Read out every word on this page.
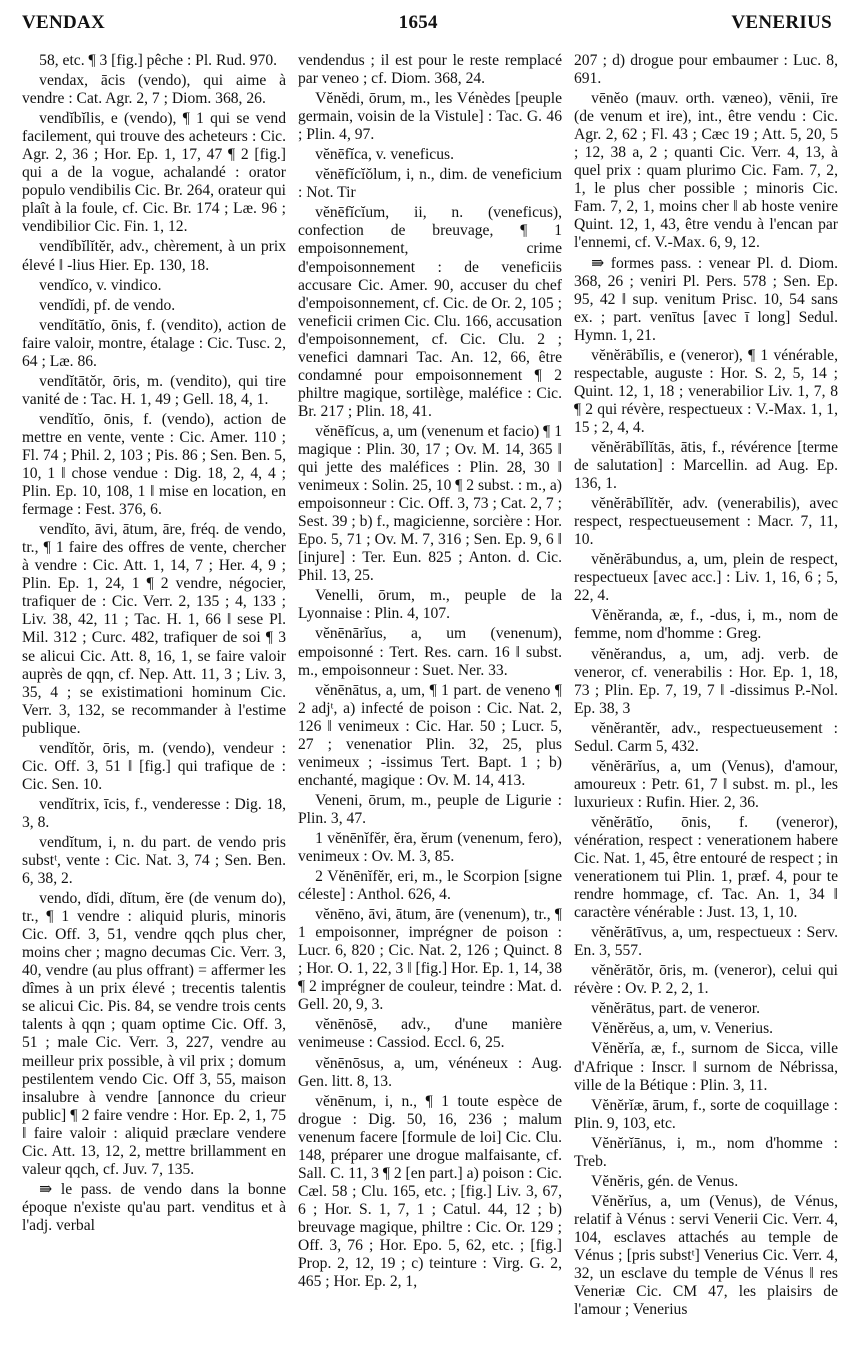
VENDAX	1654	VENERIUS

58, etc. ¶ 3 [fig.] pêche : Pl. Rud. 970.

vendax, ācis (vendo), qui aime à vendre : Cat. Agr. 2, 7 ; Diom. 368, 26.

vendĭbĭlis, e (vendo), ¶ 1 qui se vend facilement, qui trouve des acheteurs : Cic. Agr. 2, 36 ; Hor. Ep. 1, 17, 47 ¶ 2 [fig.] qui a de la vogue, achalandé : orator populo vendibilis Cic. Br. 264, orateur qui plaît à la foule, cf. Cic. Br. 174 ; Læ. 96 ; vendibilior Cic. Fin. 1, 12.

vendĭbĭlĭtĕr, adv., chèrement, à un prix élevé ǁ -lius Hier. Ep. 130, 18.

vendĭco, v. vindico.

vendĭdi, pf. de vendo.

vendĭtātĭo, ōnis, f. (vendito), action de faire valoir, montre, étalage : Cic. Tusc. 2, 64 ; Læ. 86.

vendĭtātŏr, ōris, m. (vendito), qui tire vanité de : Tac. H. 1, 49 ; Gell. 18, 4, 1.

vendĭtĭo, ōnis, f. (vendo), action de mettre en vente, vente : Cic. Amer. 110 ; Fl. 74 ; Phil. 2, 103 ; Pis. 86 ; Sen. Ben. 5, 10, 1 ǁ chose vendue : Dig. 18, 2, 4, 4 ; Plin. Ep. 10, 108, 1 ǁ mise en location, en fermage : Fest. 376, 6.

vendĭto, āvi, ātum, āre, fréq. de vendo, tr., ¶ 1 faire des offres de vente, chercher à vendre : Cic. Att. 1, 14, 7 ; Her. 4, 9 ; Plin. Ep. 1, 24, 1 ¶ 2 vendre, négocier, trafiquer de : Cic. Verr. 2, 135 ; 4, 133 ; Liv. 38, 42, 11 ; Tac. H. 1, 66 ǁ sese Pl. Mil. 312 ; Curc. 482, trafiquer de soi ¶ 3 se alicui Cic. Att. 8, 16, 1, se faire valoir auprès de qqn, cf. Nep. Att. 11, 3 ; Liv. 3, 35, 4 ; se existimationi hominum Cic. Verr. 3, 132, se recommander à l'estime publique.

vendĭtŏr, ōris, m. (vendo), vendeur : Cic. Off. 3, 51 ǁ [fig.] qui trafique de : Cic. Sen. 10.

vendĭtrix, īcis, f., venderesse : Dig. 18, 3, 8.

vendĭtum, i, n. du part. de vendo pris substᵗ, vente : Cic. Nat. 3, 74 ; Sen. Ben. 6, 38, 2.

vendo, dĭdi, dĭtum, ĕre (de venum do), tr., ¶ 1 vendre : aliquid pluris, minoris Cic. Off. 3, 51, vendre qqch plus cher, moins cher ; magno decumas Cic. Verr. 3, 40, vendre (au plus offrant) = affermer les dîmes à un prix élevé ; trecentis talentis se alicui Cic. Pis. 84, se vendre trois cents talents à qqn ; quam optime Cic. Off. 3, 51 ; male Cic. Verr. 3, 227, vendre au meilleur prix possible, à vil prix ; domum pestilentem vendo Cic. Off 3, 55, maison insalubre à vendre [annonce du crieur public] ¶ 2 faire vendre : Hor. Ep. 2, 1, 75 ǁ faire valoir : aliquid præclare vendere Cic. Att. 13, 12, 2, mettre brillamment en valeur qqch, cf. Juv. 7, 135.

⇛ le pass. de vendo dans la bonne époque n'existe qu'au part. venditus et à l'adj. verbal

vendendus ; il est pour le reste remplacé par veneo ; cf. Diom. 368, 24.

Vĕnĕdi, ōrum, m., les Vénèdes [peuple germain, voisin de la Vistule] : Tac. G. 46 ; Plin. 4, 97.

vĕnēfĭca, v. veneficus.

vĕnēfĭcĭŏlum, i, n., dim. de veneficium : Not. Tir

vĕnēfĭcĭum, ii, n. (veneficus), confection de breuvage, ¶ 1 empoisonnement, crime d'empoisonnement : de veneficiis accusare Cic. Amer. 90, accuser du chef d'empoisonnement, cf. Cic. de Or. 2, 105 ; veneficii crimen Cic. Clu. 166, accusation d'empoisonnement, cf. Cic. Clu. 2 ; venefici damnari Tac. An. 12, 66, être condamné pour empoisonnement ¶ 2 philtre magique, sortilège, maléfice : Cic. Br. 217 ; Plin. 18, 41.

vĕnēfĭcus, a, um (venenum et facio) ¶ 1 magique : Plin. 30, 17 ; Ov. M. 14, 365 ǁ qui jette des maléfices : Plin. 28, 30 ǁ venimeux : Solin. 25, 10 ¶ 2 subst. : m., a) empoisonneur : Cic. Off. 3, 73 ; Cat. 2, 7 ; Sest. 39 ; b) f., magicienne, sorcière : Hor. Epo. 5, 71 ; Ov. M. 7, 316 ; Sen. Ep. 9, 6 ǁ [injure] : Ter. Eun. 825 ; Anton. d. Cic. Phil. 13, 25.

Venelli, ōrum, m., peuple de la Lyonnaise : Plin. 4, 107.

vĕnēnārĭus, a, um (venenum), empoisonné : Tert. Res. carn. 16 ǁ subst. m., empoisonneur : Suet. Ner. 33.

vĕnēnātus, a, um, ¶ 1 part. de veneno ¶ 2 adjᵗ, a) infecté de poison : Cic. Nat. 2, 126 ǁ venimeux : Cic. Har. 50 ; Lucr. 5, 27 ; venenatior Plin. 32, 25, plus venimeux ; -issimus Tert. Bapt. 1 ; b) enchanté, magique : Ov. M. 14, 413.

Veneni, ōrum, m., peuple de Ligurie : Plin. 3, 47.

1 vĕnēnĭfĕr, ĕra, ĕrum (venenum, fero), venimeux : Ov. M. 3, 85.

2 Vĕnēnĭfĕr, eri, m., le Scorpion [signe céleste] : Anthol. 626, 4.

vĕnēno, āvi, ātum, āre (venenum), tr., ¶ 1 empoisonner, imprégner de poison : Lucr. 6, 820 ; Cic. Nat. 2, 126 ; Quinct. 8 ; Hor. O. 1, 22, 3 ǁ [fig.] Hor. Ep. 1, 14, 38 ¶ 2 imprégner de couleur, teindre : Mat. d. Gell. 20, 9, 3.

vĕnēnōsē, adv., d'une manière venimeuse : Cassiod. Eccl. 6, 25.

vĕnēnōsus, a, um, vénéneux : Aug. Gen. litt. 8, 13.

vĕnēnum, i, n., ¶ 1 toute espèce de drogue : Dig. 50, 16, 236 ; malum venenum facere [formule de loi] Cic. Clu. 148, préparer une drogue malfaisante, cf. Sall. C. 11, 3 ¶ 2 [en part.] a) poison : Cic. Cæl. 58 ; Clu. 165, etc. ; [fig.] Liv. 3, 67, 6 ; Hor. S. 1, 7, 1 ; Catul. 44, 12 ; b) breuvage magique, philtre : Cic. Or. 129 ; Off. 3, 76 ; Hor. Epo. 5, 62, etc. ; [fig.] Prop. 2, 12, 19 ; c) teinture : Virg. G. 2, 465 ; Hor. Ep. 2, 1,

207 ; d) drogue pour embaumer : Luc. 8, 691.

vēnĕo (mauv. orth. væneo), vēnii, īre (de venum et ire), int., être vendu : Cic. Agr. 2, 62 ; Fl. 43 ; Cæc 19 ; Att. 5, 20, 5 ; 12, 38 a, 2 ; quanti Cic. Verr. 4, 13, à quel prix : quam plurimo Cic. Fam. 7, 2, 1, le plus cher possible ; minoris Cic. Fam. 7, 2, 1, moins cher ǁ ab hoste venire Quint. 12, 1, 43, être vendu à l'encan par l'ennemi, cf. V.-Max. 6, 9, 12.

⇛ formes pass. : venear Pl. d. Diom. 368, 26 ; veniri Pl. Pers. 578 ; Sen. Ep. 95, 42 ǁ sup. venitum Prisc. 10, 54 sans ex. ; part. venītus [avec ī long] Sedul. Hymn. 1, 21.

vĕnĕrābĭlis, e (veneror), ¶ 1 vénérable, respectable, auguste : Hor. S. 2, 5, 14 ; Quint. 12, 1, 18 ; venerabilior Liv. 1, 7, 8 ¶ 2 qui révère, respectueux : V.-Max. 1, 1, 15 ; 2, 4, 4.

vĕnĕrābĭlĭtās, ātis, f., révérence [terme de salutation] : Marcellin. ad Aug. Ep. 136, 1.

vĕnĕrābĭlĭtĕr, adv. (venerabilis), avec respect, respectueusement : Macr. 7, 11, 10.

vĕnĕrābundus, a, um, plein de respect, respectueux [avec acc.] : Liv. 1, 16, 6 ; 5, 22, 4.

Vĕnĕranda, æ, f., -dus, i, m., nom de femme, nom d'homme : Greg.

vĕnĕrandus, a, um, adj. verb. de veneror, cf. venerabilis : Hor. Ep. 1, 18, 73 ; Plin. Ep. 7, 19, 7 ǁ -dissimus P.-Nol. Ep. 38, 3

vĕnĕrantĕr, adv., respectueusement : Sedul. Carm 5, 432.

vĕnĕrārĭus, a, um (Venus), d'amour, amoureux : Petr. 61, 7 ǁ subst. m. pl., les luxurieux : Rufin. Hier. 2, 36.

vĕnĕrātĭo, ōnis, f. (veneror), vénération, respect : venerationem habere Cic. Nat. 1, 45, être entouré de respect ; in venerationem tui Plin. 1, præf. 4, pour te rendre hommage, cf. Tac. An. 1, 34 ǁ caractère vénérable : Just. 13, 1, 10.

vĕnĕrātīvus, a, um, respectueux : Serv. En. 3, 557.

vĕnĕrātŏr, ōris, m. (veneror), celui qui révère : Ov. P. 2, 2, 1.

vĕnĕrātus, part. de veneror.

Vĕnĕrĕus, a, um, v. Venerius.

Vĕnĕrĭa, æ, f., surnom de Sicca, ville d'Afrique : Inscr. ǁ surnom de Nébrissa, ville de la Bétique : Plin. 3, 11.

Vĕnĕrĭæ, ārum, f., sorte de coquillage : Plin. 9, 103, etc.

Vĕnĕrĭānus, i, m., nom d'homme : Treb.

Vĕnĕris, gén. de Venus.

Vĕnĕrĭus, a, um (Venus), de Vénus, relatif à Vénus : servi Venerii Cic. Verr. 4, 104, esclaves attachés au temple de Vénus ; [pris substᵗ] Venerius Cic. Verr. 4, 32, un esclave du temple de Vénus ǁ res Veneriæ Cic. CM 47, les plaisirs de l'amour ; Venerius
